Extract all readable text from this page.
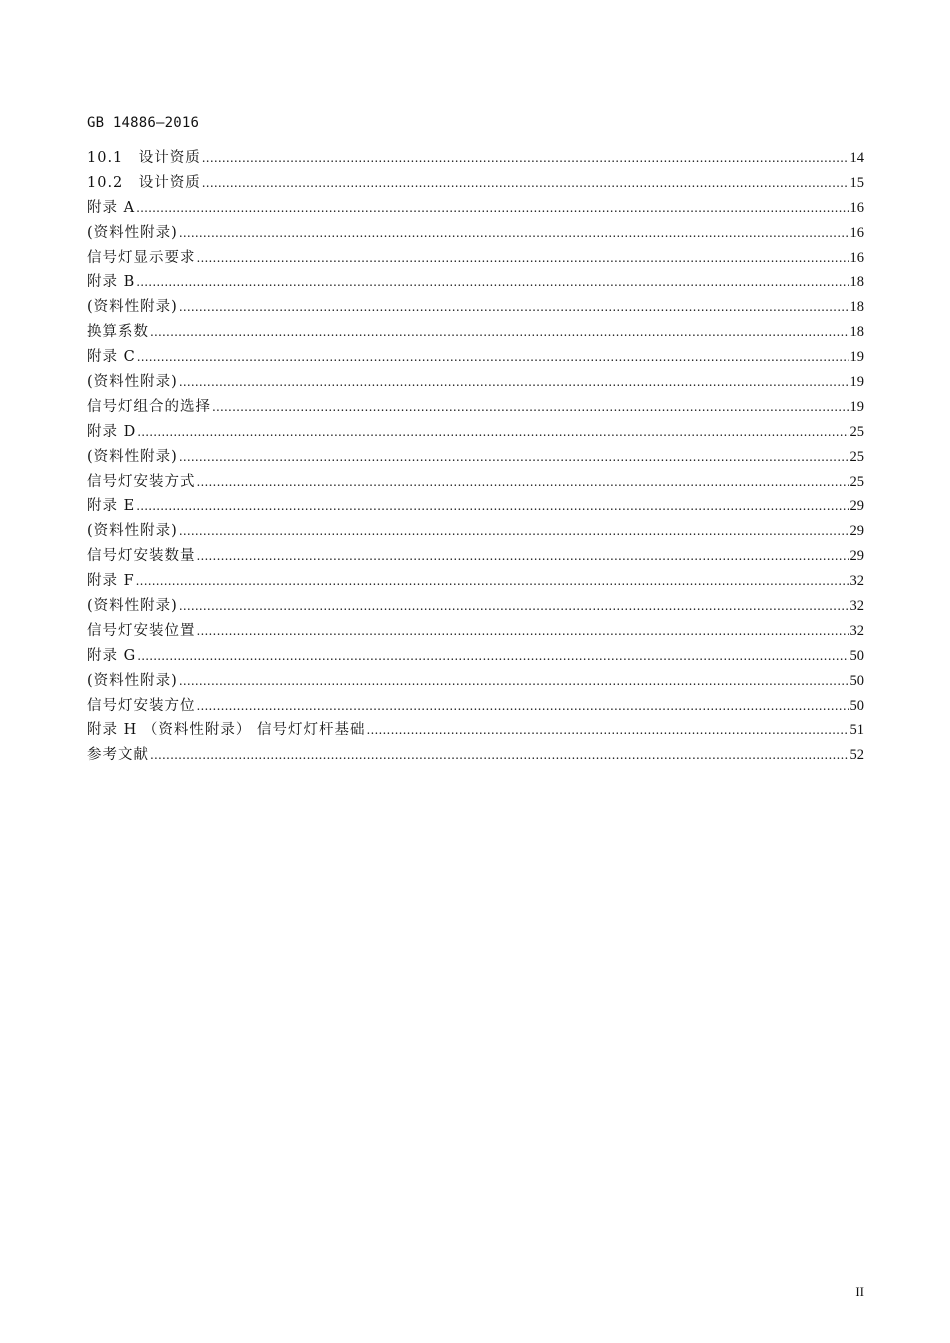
GB 14886—2016
10.1　设计资质 .....	14
10.2　设计资质 .....	15
附录 A .....	16
(资料性附录) .....	16
信号灯显示要求 .....	16
附录 B .....	18
(资料性附录) .....	18
换算系数 .....	18
附录 C .....	19
(资料性附录) .....	19
信号灯组合的选择 .....	19
附录 D .....	25
(资料性附录) .....	25
信号灯安装方式 .....	25
附录 E .....	29
(资料性附录) .....	29
信号灯安装数量 .....	29
附录 F .....	32
(资料性附录) .....	32
信号灯安装位置 .....	32
附录 G .....	50
(资料性附录) .....	50
信号灯安装方位 .....	50
附录 H （资料性附录） 信号灯灯杆基础 .....	51
参考文献 .....	52
II
